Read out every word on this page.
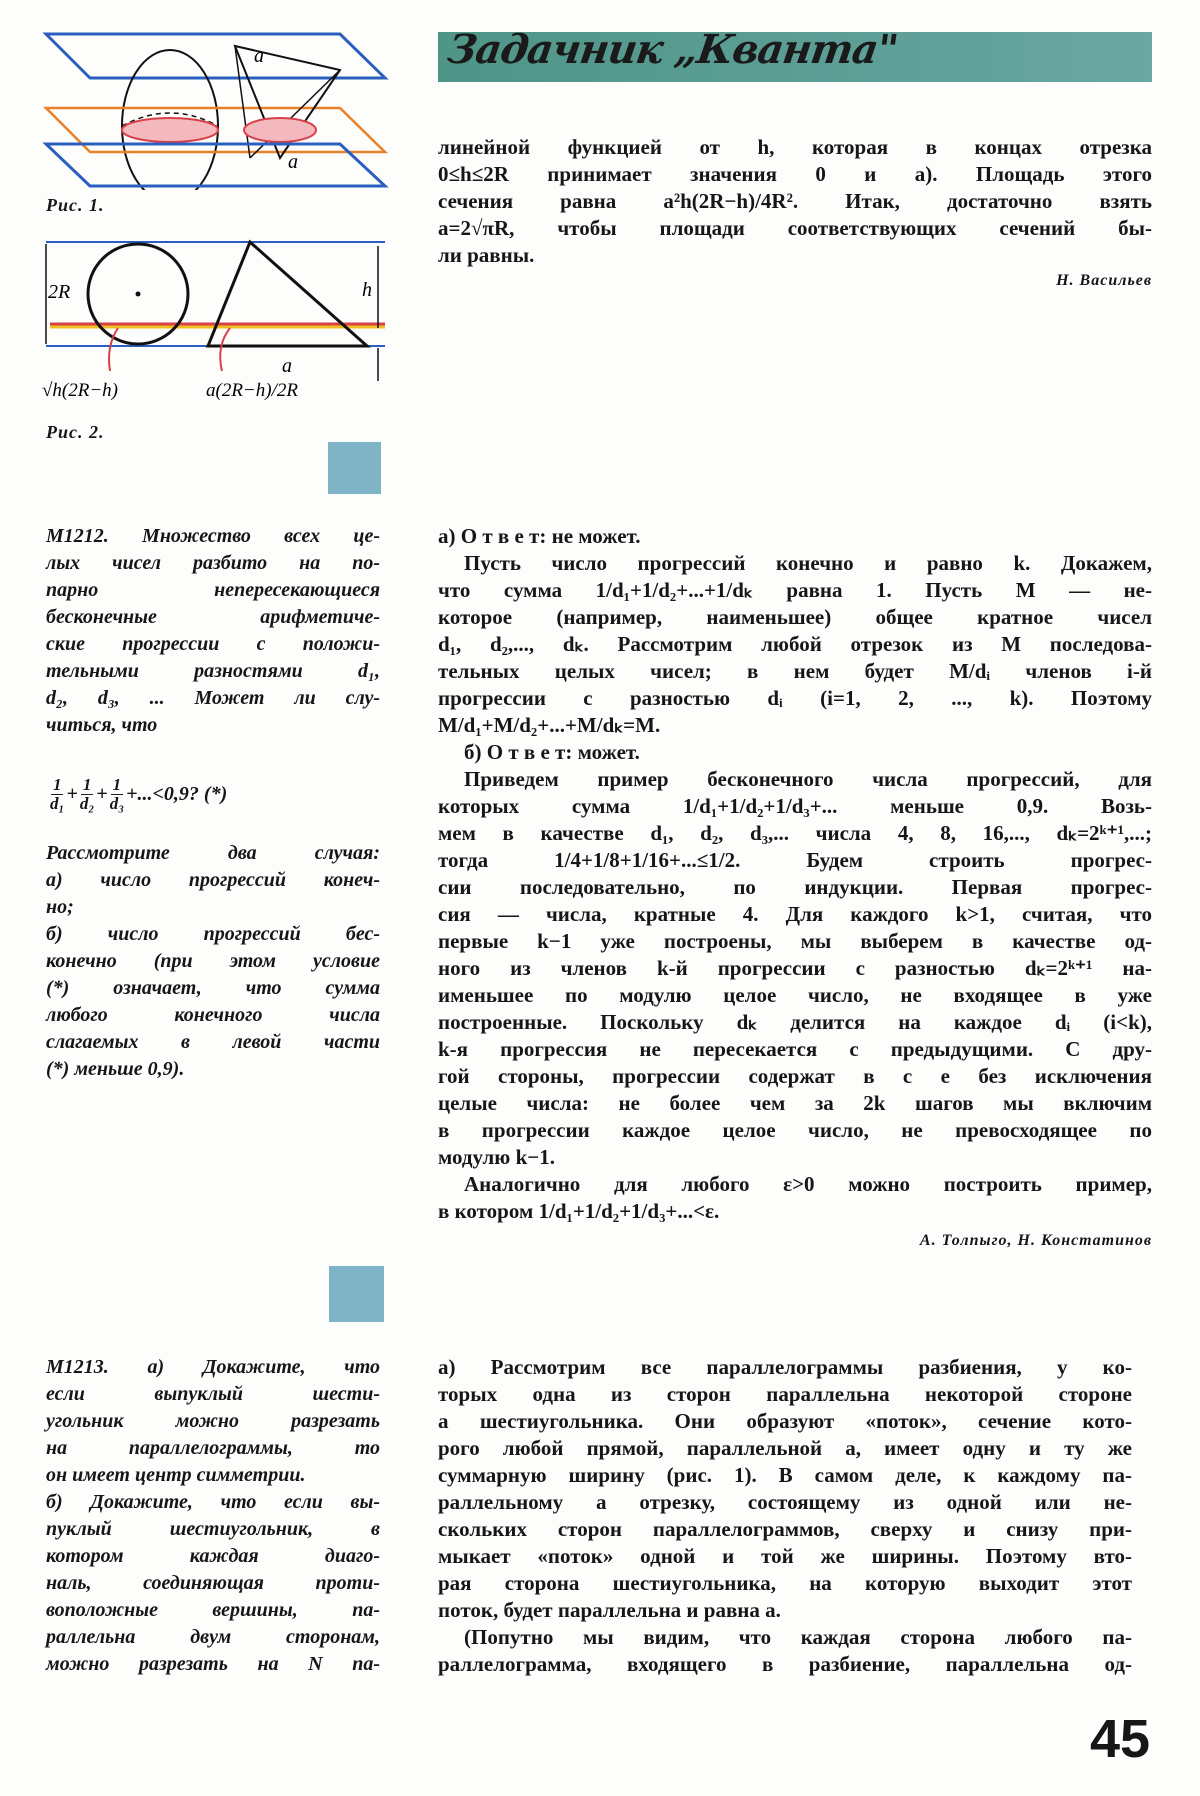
Задачник „Кванта"
a
a
Рис. 1.
2R	h
a
√h(2R−h)	a(2R−h)/2R
Рис. 2.
линейной функцией от h, которая в концах отрезка
0≤h≤2R принимает значения 0 и a). Площадь этого
сечения равна a²h(2R−h)/4R². Итак, достаточно взять
a=2√πR, чтобы площади соответствующих сечений бы-
ли равны.
Н. Васильев
М1212. Множество всех це-
лых чисел разбито на по-
парно непересекающиеся
бесконечные арифметиче-
ские прогрессии с положи-
тельными разностями d₁,
d₂, d₃, ... Может ли слу-
читься, что
$\frac{1}{\text{d₁}} + \frac{1}{\text{d₂}} + \frac{1}{\text{d₃}} +...<0,9$? (*)
Рассмотрите два случая:
а) число прогрессий конеч-
но;
б) число прогрессий бес-
конечно (при этом условие
(*) означает, что сумма
любого конечного числа
слагаемых в левой части
(*) меньше 0,9).
а) О т в е т: не может.
Пусть число прогрессий конечно и равно k. Докажем,
что сумма 1/d₁+1/d₂+...+1/dₖ равна 1. Пусть M — не-
которое (например, наименьшее) общее кратное чисел
d₁, d₂,..., dₖ. Рассмотрим любой отрезок из M последова-
тельных целых чисел; в нем будет M/dᵢ членов i-й
прогрессии с разностью dᵢ (i=1, 2, ..., k). Поэтому
M/d₁+M/d₂+...+M/dₖ=M.
б) О т в е т: может.
Приведем пример бесконечного числа прогрессий, для
которых сумма 1/d₁+1/d₂+1/d₃+... меньше 0,9. Возь-
мем в качестве d₁, d₂, d₃,... числа 4, 8, 16,..., dₖ=2ᵏ⁺¹,...;
тогда 1/4+1/8+1/16+...≤1/2. Будем строить прогрес-
сии последовательно, по индукции. Первая прогрес-
сия — числа, кратные 4. Для каждого k>1, считая, что
первые k−1 уже построены, мы выберем в качестве од-
ного из членов k-й прогрессии с разностью dₖ=2ᵏ⁺¹ на-
именьшее по модулю целое число, не входящее в уже
построенные. Поскольку dₖ делится на каждое dᵢ (i<k),
k-я прогрессия не пересекается с предыдущими. С дру-
гой стороны, прогрессии содержат в с е без исключения
целые числа: не более чем за 2k шагов мы включим
в прогрессии каждое целое число, не превосходящее по
модулю k−1.
Аналогично для любого ε>0 можно построить пример,
в котором 1/d₁+1/d₂+1/d₃+...<ε.
А. Толпыго, Н. Констатинов
М1213. а) Докажите, что
если выпуклый шести-
угольник можно разрезать
на параллелограммы, то
он имеет центр симметрии.
б) Докажите, что если вы-
пуклый шестиугольник, в
котором каждая диаго-
наль, соединяющая проти-
воположные вершины, па-
раллельна двум сторонам,
можно разрезать на N па-
а) Рассмотрим все параллелограммы разбиения, у ко-
торых одна из сторон параллельна некоторой стороне
a шестиугольника. Они образуют «поток», сечение кото-
рого любой прямой, параллельной a, имеет одну и ту же
суммарную ширину (рис. 1). В самом деле, к каждому па-
раллельному a отрезку, состоящему из одной или не-
скольких сторон параллелограммов, сверху и снизу при-
мыкает «поток» одной и той же ширины. Поэтому вто-
рая сторона шестиугольника, на которую выходит этот
поток, будет параллельна и равна a.
(Попутно мы видим, что каждая сторона любого па-
раллелограмма, входящего в разбиение, параллельна од-
45
